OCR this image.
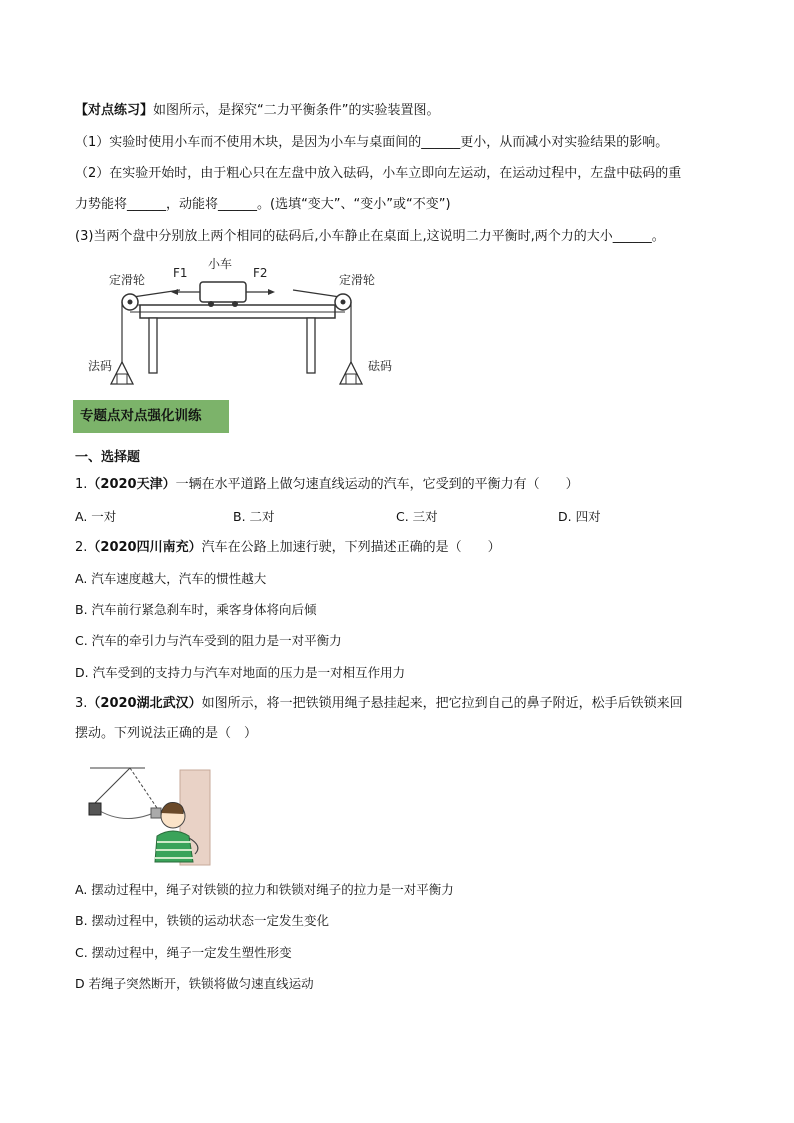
【对点练习】如图所示，是探究“二力平衡条件”的实验装置图。
（1）实验时使用小车而不使用木块，是因为小车与桌面间的______更小，从而减小对实验结果的影响。
（2）在实验开始时，由于粗心只在左盘中放入砝码，小车立即向左运动，在运动过程中，左盘中砝码的重
力势能将______，动能将______。(选填“变大”、“变小”或“不变”)
(3)当两个盘中分别放上两个相同的砝码后,小车静止在桌面上,这说明二力平衡时,两个力的大小______。
小车
F1	F2
定滑轮	定滑轮
法码	砝码
专题点对点强化训练
一、选择题
1.（2020天津）一辆在水平道路上做匀速直线运动的汽车，它受到的平衡力有（　　）
A. 一对	B. 二对	C. 三对	D. 四对
2.（2020四川南充）汽车在公路上加速行驶，下列描述正确的是（　　）
A. 汽车速度越大，汽车的惯性越大
B. 汽车前行紧急刹车时，乘客身体将向后倾
C. 汽车的牵引力与汽车受到的阻力是一对平衡力
D. 汽车受到的支持力与汽车对地面的压力是一对相互作用力
3.（2020湖北武汉）如图所示，将一把铁锁用绳子悬挂起来，把它拉到自己的鼻子附近，松手后铁锁来回
摆动。下列说法正确的是（　）
A. 摆动过程中，绳子对铁锁的拉力和铁锁对绳子的拉力是一对平衡力
B. 摆动过程中，铁锁的运动状态一定发生变化
C. 摆动过程中，绳子一定发生塑性形变
D 若绳子突然断开，铁锁将做匀速直线运动
